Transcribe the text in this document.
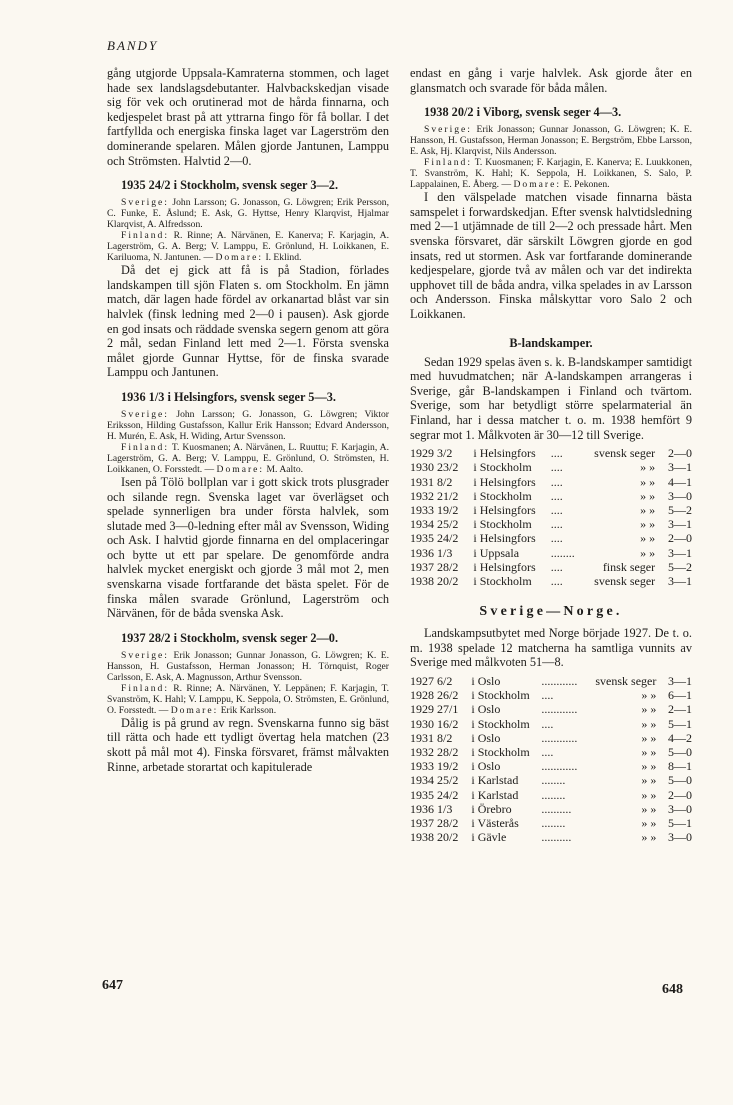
BANDY

gång utgjorde Uppsala-Kamraterna stommen, och laget hade sex landslagsdebutanter. Halvbackskedjan visade sig för vek och orutinerad mot de hårda finnarna, och kedjespelet brast på att yttrarna fingo för få bollar. I det fartfyllda och energiska finska laget var Lagerström den dominerande spelaren. Målen gjorde Jantunen, Lamppu och Strömsten. Halvtid 2—0.

1935 24/2 i Stockholm, svensk seger 3—2.

Sverige: John Larsson; G. Jonasson, G. Löwgren; Erik Persson, C. Funke, E. Åslund; E. Ask, G. Hyttse, Henry Klarqvist, Hjalmar Klarqvist, A. Alfredsson.

Finland: R. Rinne; A. Närvänen, E. Kanerva; F. Karjagin, A. Lagerström, G. A. Berg; V. Lamppu, E. Grönlund, H. Loikkanen, E. Kariluoma, N. Jantunen. — Domare: I. Eklind.

Då det ej gick att få is på Stadion, förlades landskampen till sjön Flaten s. om Stockholm. En jämn match, där lagen hade fördel av orkanartad blåst var sin halvlek (finsk ledning med 2—0 i pausen). Ask gjorde en god insats och räddade svenska segern genom att göra 2 mål, sedan Finland lett med 2—1. Första svenska målet gjorde Gunnar Hyttse, för de finska svarade Lamppu och Jantunen.

1936 1/3 i Helsingfors, svensk seger 5—3.

Sverige: John Larsson; G. Jonasson, G. Löwgren; Viktor Eriksson, Hilding Gustafsson, Kallur Erik Hansson; Edvard Andersson, H. Murén, E. Ask, H. Widing, Artur Svensson.

Finland: T. Kuosmanen; A. Närvänen, L. Ruuttu; F. Karjagin, A. Lagerström, G. A. Berg; V. Lamppu, E. Grönlund, O. Strömsten, H. Loikkanen, O. Forsstedt. — Domare: M. Aalto.

Isen på Tölö bollplan var i gott skick trots plusgrader och silande regn. Svenska laget var överlägset och spelade synnerligen bra under första halvlek, som slutade med 3—0-ledning efter mål av Svensson, Widing och Ask. I halvtid gjorde finnarna en del omplaceringar och bytte ut ett par spelare. De genomförde andra halvlek mycket energiskt och gjorde 3 mål mot 2, men svenskarna visade fortfarande det bästa spelet. För de finska målen svarade Grönlund, Lagerström och Närvänen, för de båda svenska Ask.

1937 28/2 i Stockholm, svensk seger 2—0.

Sverige: Erik Jonasson; Gunnar Jonasson, G. Löwgren; K. E. Hansson, H. Gustafsson, Herman Jonasson; H. Törnquist, Roger Carlsson, E. Ask, A. Magnusson, Arthur Svensson.

Finland: R. Rinne; A. Närvänen, Y. Leppänen; F. Karjagin, T. Svanström, K. Hahl; V. Lamppu, K. Seppola, O. Strömsten, E. Grönlund, O. Forsstedt. — Domare: Erik Karlsson.

Dålig is på grund av regn. Svenskarna funno sig bäst till rätta och hade ett tydligt övertag hela matchen (23 skott på mål mot 4). Finska försvaret, främst målvakten Rinne, arbetade storartat och kapitulerade

647

endast en gång i varje halvlek. Ask gjorde åter en glansmatch och svarade för båda målen.

1938 20/2 i Viborg, svensk seger 4—3.

Sverige: Erik Jonasson; Gunnar Jonasson, G. Löwgren; K. E. Hansson, H. Gustafsson, Herman Jonasson; E. Bergström, Ebbe Larsson, E. Ask, Hj. Klarqvist, Nils Andersson.

Finland: T. Kuosmanen; F. Karjagin, E. Kanerva; E. Luukkonen, T. Svanström, K. Hahl; K. Seppola, H. Loikkanen, S. Salo, P. Lappalainen, E. Åberg. — Domare: E. Pekonen.

I den välspelade matchen visade finnarna bästa samspelet i forwardskedjan. Efter svensk halvtidsledning med 2—1 utjämnade de till 2—2 och pressade hårt. Men svenska försvaret, där särskilt Löwgren gjorde en god insats, red ut stormen. Ask var fortfarande dominerande kedjespelare, gjorde två av målen och var det indirekta upphovet till de båda andra, vilka spelades in av Larsson och Andersson. Finska målskyttar voro Salo 2 och Loikkanen.

B-landskamper.

Sedan 1929 spelas även s. k. B-landskamper samtidigt med huvudmatchen; när A-landskampen arrangeras i Sverige, går B-landskampen i Finland och tvärtom. Sverige, som har betydligt större spelarmaterial än Finland, har i dessa matcher t. o. m. 1938 hemfört 9 segrar mot 1. Målkvoten är 30—12 till Sverige.

1929 3/2	i Helsingfors	....	svensk seger	2—0
1930 23/2	i Stockholm	....	» »	3—1
1931 8/2	i Helsingfors	....	» »	4—1
1932 21/2	i Stockholm	....	» »	3—0
1933 19/2	i Helsingfors	....	» »	5—2
1934 25/2	i Stockholm	....	» »	3—1
1935 24/2	i Helsingfors	....	» »	2—0
1936 1/3	i Uppsala	........	» »	3—1
1937 28/2	i Helsingfors	....	finsk seger	5—2
1938 20/2	i Stockholm	....	svensk seger	3—1
Sverige—Norge.

Landskampsutbytet med Norge började 1927. De t. o. m. 1938 spelade 12 matcherna ha samtliga vunnits av Sverige med målkvoten 51—8.

1927 6/2	i Oslo	............	svensk seger	3—1
1928 26/2	i Stockholm	....	» »	6—1
1929 27/1	i Oslo	............	» »	2—1
1930 16/2	i Stockholm	....	» »	5—1
1931 8/2	i Oslo	............	» »	4—2
1932 28/2	i Stockholm	....	» »	5—0
1933 19/2	i Oslo	............	» »	8—1
1934 25/2	i Karlstad	........	» »	5—0
1935 24/2	i Karlstad	........	» »	2—0
1936 1/3	i Örebro	..........	» »	3—0
1937 28/2	i Västerås	........	» »	5—1
1938 20/2	i Gävle	..........	» »	3—0
648
